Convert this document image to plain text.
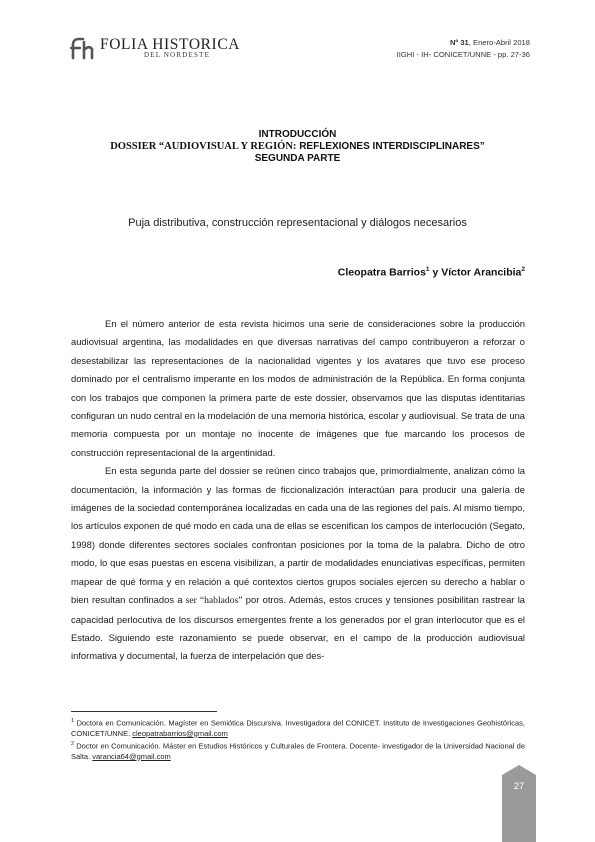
FOLIA HISTORICA
DEL NORDESTE
Nº 31, Enero-Abril 2018
IIGHI - IH- CONICET/UNNE - pp. 27-36
INTRODUCCIÓN
DOSSIER “AUDIOVISUAL Y REGIÓN: REFLEXIONES INTERDISCIPLINARES”
SEGUNDA PARTE
Puja distributiva, construcción representacional y diálogos necesarios
Cleopatra Barrios$^1$ y Víctor Arancibia$^2$

En el número anterior de esta revista hicimos una serie de consideraciones sobre la producción audiovisual argentina, las modalidades en que diversas narrativas del campo contribuyeron a reforzar o desestabilizar las representaciones de la nacionalidad vigentes y los avatares que tuvo ese proceso dominado por el centralismo imperante en los modos de administración de la República. En forma conjunta con los trabajos que componen la primera parte de este dossier, observamos que las disputas identitarias configuran un nudo central en la modelación de una memoria histórica, escolar y audiovisual. Se trata de una memoria compuesta por un montaje no inocente de imágenes que fue marcando los procesos de construcción representacional de la argentinidad.

En esta segunda parte del dossier se reúnen cinco trabajos que, primordialmente, analizan cómo la documentación, la información y las formas de ficcionalización interactúan para producir una galería de imágenes de la sociedad contemporánea localizadas en cada una de las regiones del país. Al mismo tiempo, los artículos exponen de qué modo en cada una de ellas se escenifican los campos de interlocución (Segato, 1998) donde diferentes sectores sociales confrontan posiciones por la toma de la palabra. Dicho de otro modo, lo que esas puestas en escena visibilizan, a partir de modalidades enunciativas específicas, permiten mapear de qué forma y en relación a qué contextos ciertos grupos sociales ejercen su derecho a hablar o bien resultan confinados a ser “hablados” por otros. Además, estos cruces y tensiones posibilitan rastrear la capacidad perlocutiva de los discursos emergentes frente a los generados por el gran interlocutor que es el Estado. Siguiendo este razonamiento se puede observar, en el campo de la producción audiovisual informativa y documental, la fuerza de interpelación que des-

$^1$ Doctora en Comunicación. Magíster en Semiótica Discursiva. Investigadora del CONICET. Instituto de Investigaciones Geohistóricas, CONICET/UNNE. cleopatrabarrios@gmail.com

$^2$ Doctor en Comunicación. Máster en Estudios Históricos y Culturales de Frontera. Docente- investigador de la Universidad Nacional de Salta. varancia64@gmail.com

27
